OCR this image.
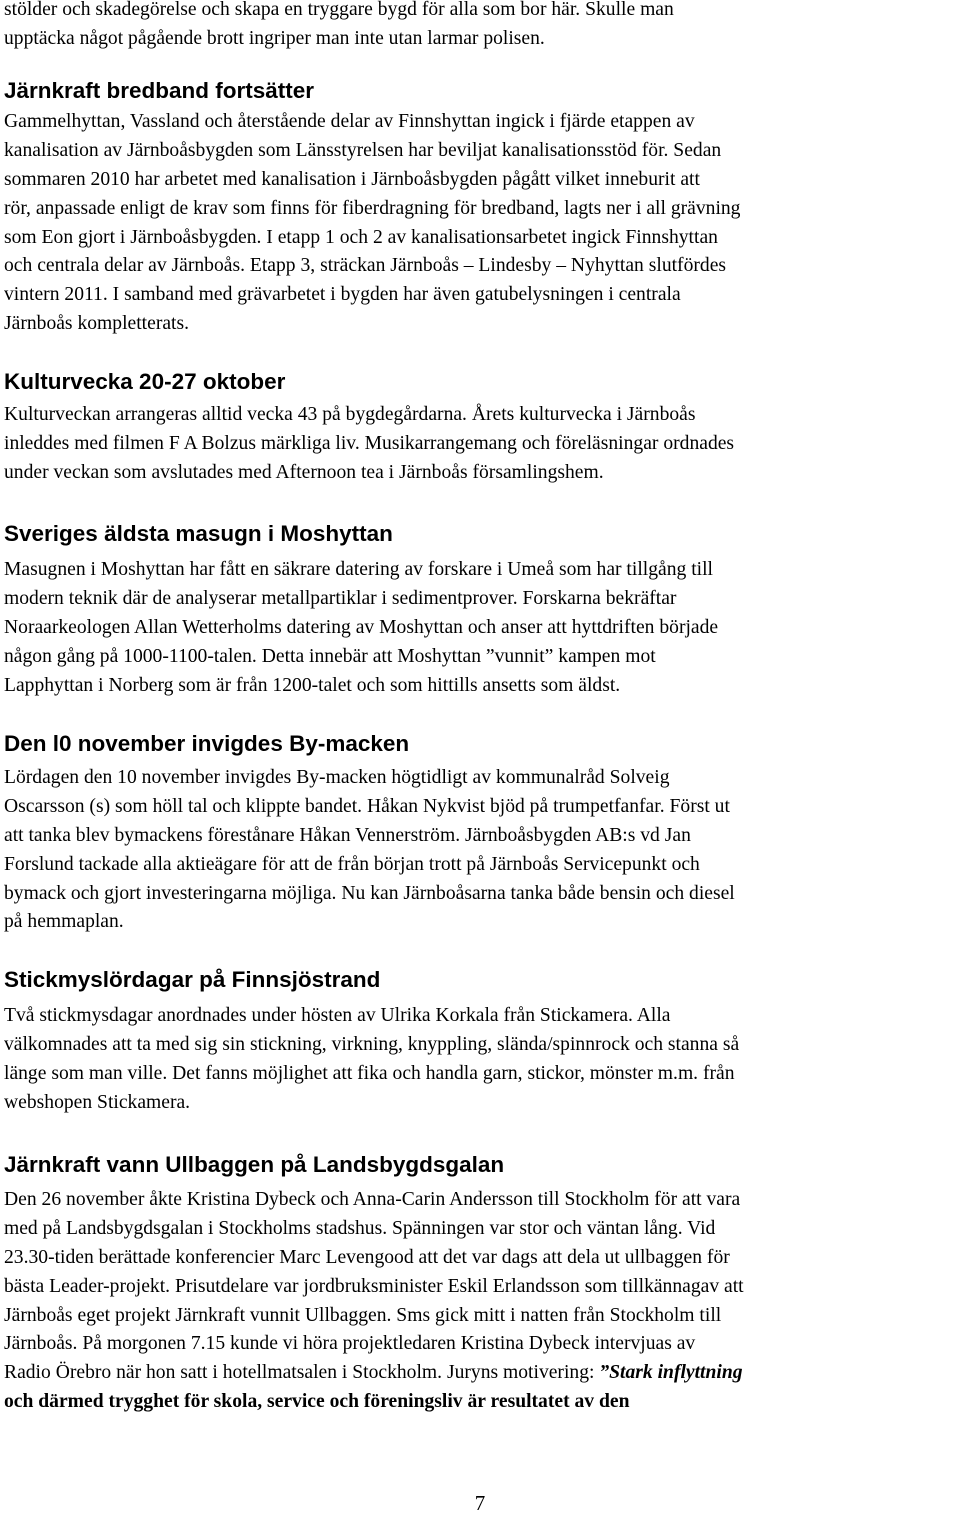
stölder och skadegörelse och skapa en tryggare bygd för alla som bor här. Skulle man
upptäcka något pågående brott ingriper man inte utan larmar polisen.
Järnkraft bredband fortsätter
Gammelhyttan, Vassland och återstående delar av Finnshyttan ingick i fjärde etappen av
kanalisation av Järnboåsbygden som Länsstyrelsen har beviljat kanalisationsstöd för. Sedan
sommaren 2010 har arbetet med kanalisation i Järnboåsbygden pågått vilket inneburit att
rör, anpassade enligt de krav som finns för fiberdragning för bredband, lagts ner i all grävning
som Eon gjort i Järnboåsbygden. I etapp 1 och 2 av kanalisationsarbetet ingick Finnshyttan
och centrala delar av Järnboås. Etapp 3, sträckan Järnboås – Lindesby – Nyhyttan slutfördes
vintern 2011. I samband med grävarbetet i bygden har även gatubelysningen i centrala
Järnboås kompletterats.
Kulturvecka 20-27 oktober
Kulturveckan arrangeras alltid vecka 43 på bygdegårdarna. Årets kulturvecka i Järnboås
inleddes med filmen F A Bolzus märkliga liv. Musikarrangemang och föreläsningar ordnades
under veckan som avslutades med Afternoon tea i Järnboås församlingshem.
Sveriges äldsta masugn i Moshyttan
Masugnen i Moshyttan har fått en säkrare datering av forskare i Umeå som har tillgång till
modern teknik där de analyserar metallpartiklar i sedimentprover. Forskarna bekräftar
Noraarkeologen Allan Wetterholms datering av Moshyttan och anser att hyttdriften började
någon gång på 1000-1100-talen. Detta innebär att Moshyttan ”vunnit” kampen mot
Lapphyttan i Norberg som är från 1200-talet och som hittills ansetts som äldst.
Den l0 november invigdes By-macken
Lördagen den 10 november invigdes By-macken högtidligt av kommunalråd Solveig
Oscarsson (s) som höll tal och klippte bandet. Håkan Nykvist bjöd på trumpetfanfar. Först ut
att tanka blev bymackens förestånare Håkan Vennerström. Järnboåsbygden AB:s vd Jan
Forslund tackade alla aktieägare för att de från början trott på Järnboås Servicepunkt och
bymack och gjort investeringarna möjliga. Nu kan Järnboåsarna tanka både bensin och diesel
på hemmaplan.
Stickmyslördagar på Finnsjöstrand
Två stickmysdagar anordnades under hösten av Ulrika Korkala från Stickamera. Alla
välkomnades att ta med sig sin stickning, virkning, knyppling, slända/spinnrock och stanna så
länge som man ville. Det fanns möjlighet att fika och handla garn, stickor, mönster m.m. från
webshopen Stickamera.
Järnkraft vann Ullbaggen på Landsbygdsgalan
Den 26 november åkte Kristina Dybeck och Anna-Carin Andersson till Stockholm för att vara
med på Landsbygdsgalan i Stockholms stadshus. Spänningen var stor och väntan lång. Vid
23.30-tiden berättade konferencier Marc Levengood att det var dags att dela ut ullbaggen för
bästa Leader-projekt. Prisutdelare var jordbruksminister Eskil Erlandsson som tillkännagav att
Järnboås eget projekt Järnkraft vunnit Ullbaggen. Sms gick mitt i natten från Stockholm till
Järnboås. På morgonen 7.15 kunde vi höra projektledaren Kristina Dybeck intervjuas av
Radio Örebro när hon satt i hotellmatsalen i Stockholm. Juryns motivering: ”Stark inflyttning
och därmed trygghet för skola, service och föreningsliv är resultatet av den
7
